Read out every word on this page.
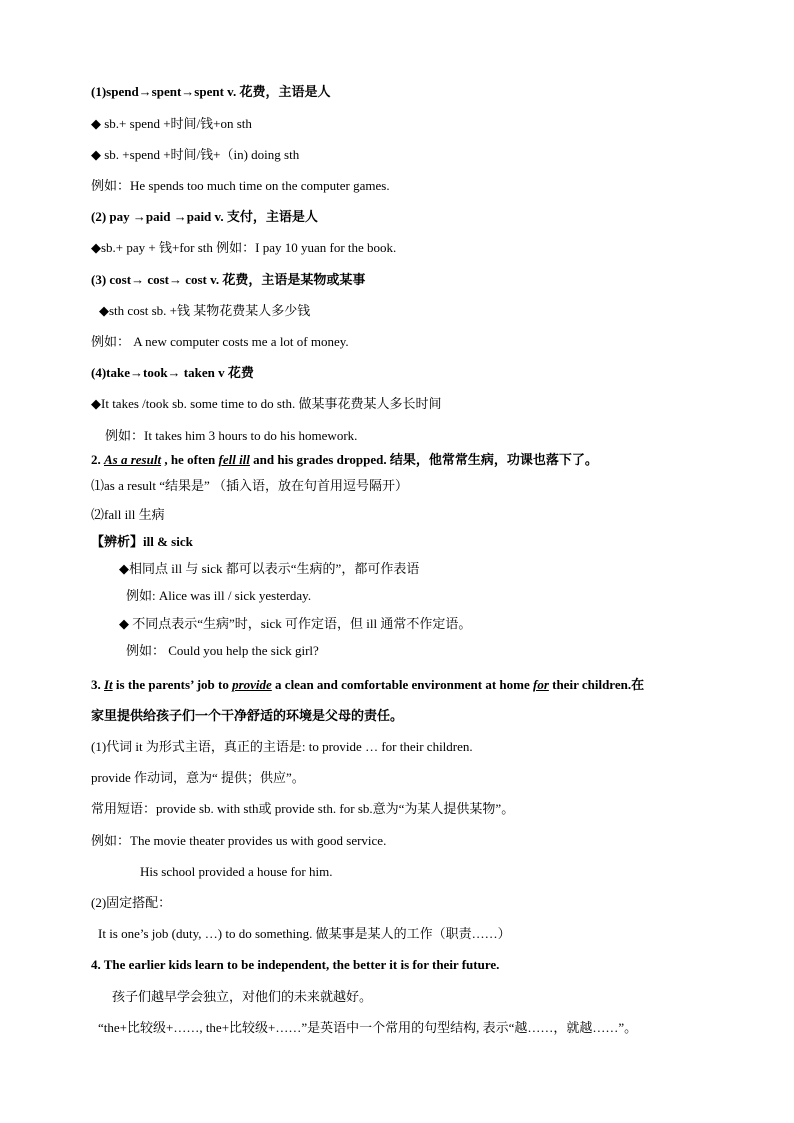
(1)spend→spent→spent v. 花费，主语是人
◆ sb.+ spend +时间/钱+on sth
◆ sb. +spend +时间/钱+（in) doing sth
例如：He spends too much time on the computer games.
(2) pay →paid →paid v. 支付，主语是人
◆sb.+ pay + 钱+for sth 例如：I pay 10 yuan for the book.
(3) cost→ cost→ cost v. 花费，主语是某物或某事
◆sth cost sb. +钱 某物花费某人多少钱
例如： A new computer costs me a lot of money.
(4)take→took→ taken v 花费
◆It takes /took sb. some time to do sth. 做某事花费某人多长时间
例如：It takes him 3 hours to do his homework.
2. As a result , he often fell ill and his grades dropped. 结果，他常常生病，功课也落下了。
⑴as a result “结果是” （插入语，放在句首用逗号隔开）
⑵fall ill 生病
【辨析】ill & sick
◆相同点 ill 与 sick 都可以表示“生病的”，都可作表语
例如: Alice was ill / sick yesterday.
◆ 不同点表示“生病”时，sick 可作定语，但 ill 通常不作定语。
例如： Could you help the sick girl?
3. It is the parents’ job to provide a clean and comfortable environment at home for their children.在
家里提供给孩子们一个干净舒适的环境是父母的责任。
(1)代词 it 为形式主语，真正的主语是: to provide … for their children.
provide 作动词，意为“ 提供；供应”。
常用短语：provide sb. with sth或 provide sth. for sb.意为“为某人提供某物”。
例如：The movie theater provides us with good service.
His school provided a house for him.
(2)固定搭配：
It is one’s job (duty, …) to do something. 做某事是某人的工作（职责……）
4. The earlier kids learn to be independent, the better it is for their future.
孩子们越早学会独立，对他们的未来就越好。
“the+比较级+……, the+比较级+……”是英语中一个常用的句型结构, 表示“越……，就越……”。
